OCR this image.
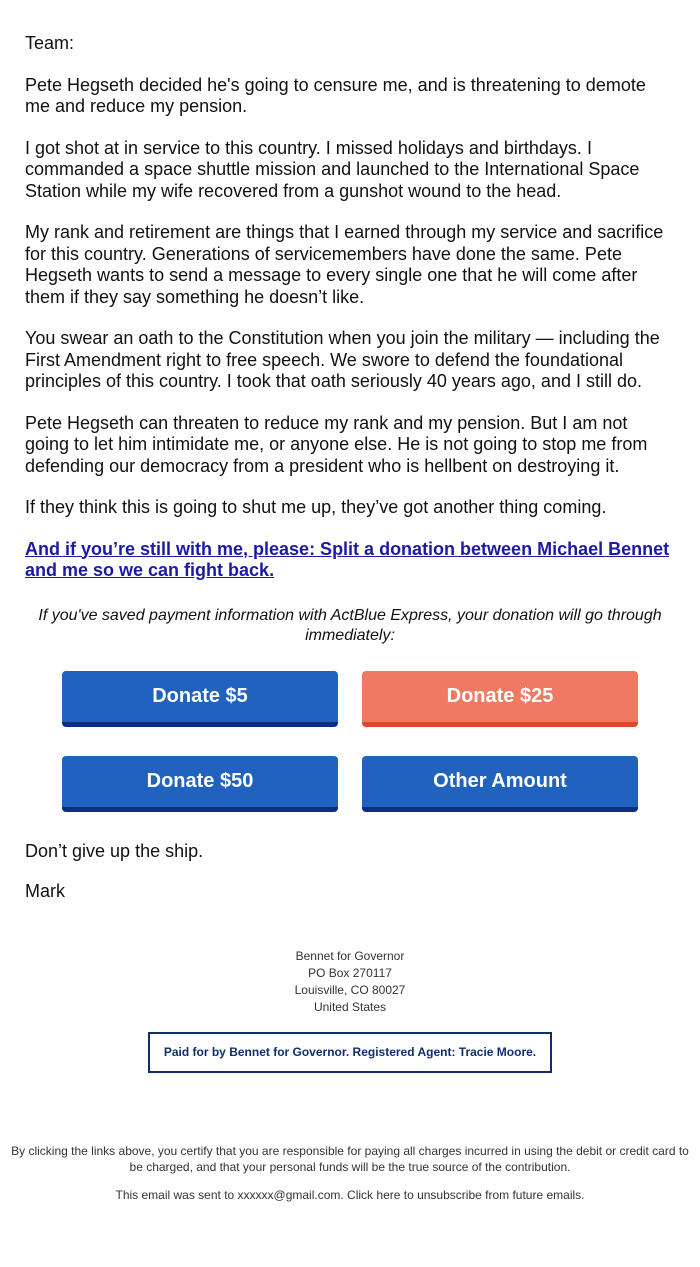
Team:

Pete Hegseth decided he's going to censure me, and is threatening to demote me and reduce my pension.

I got shot at in service to this country. I missed holidays and birthdays. I commanded a space shuttle mission and launched to the International Space Station while my wife recovered from a gunshot wound to the head.

My rank and retirement are things that I earned through my service and sacrifice for this country. Generations of servicemembers have done the same. Pete Hegseth wants to send a message to every single one that he will come after them if they say something he doesn’t like.

You swear an oath to the Constitution when you join the military — including the First Amendment right to free speech. We swore to defend the foundational principles of this country. I took that oath seriously 40 years ago, and I still do.

Pete Hegseth can threaten to reduce my rank and my pension. But I am not going to let him intimidate me, or anyone else. He is not going to stop me from defending our democracy from a president who is hellbent on destroying it.

If they think this is going to shut me up, they’ve got another thing coming.

And if you’re still with me, please: Split a donation between Michael Bennet and me so we can fight back.

If you've saved payment information with ActBlue Express, your donation will go through immediately:

Donate $5	Donate $25
Donate $50	Other Amount

Don’t give up the ship.

Mark

Bennet for Governor
PO Box 270117
Louisville, CO 80027
United States
Paid for by Bennet for Governor. Registered Agent: Tracie Moore.

By clicking the links above, you certify that you are responsible for paying all charges incurred in using the debit or credit card to be charged, and that your personal funds will be the true source of the contribution.

This email was sent to xxxxxx@gmail.com. Click here to unsubscribe from future emails.
